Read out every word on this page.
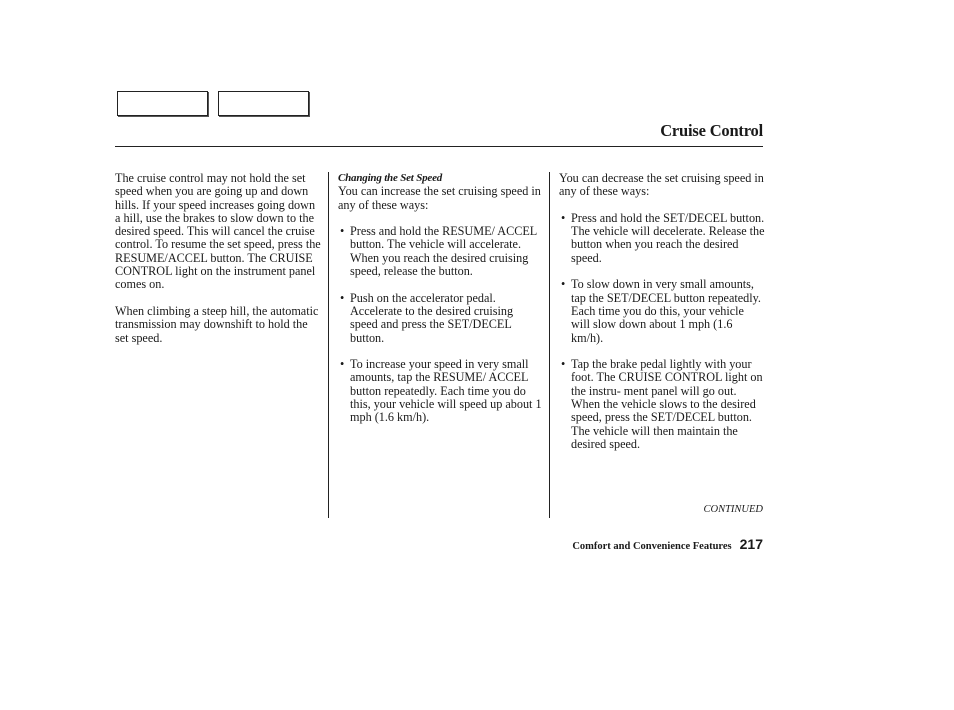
Cruise Control

The cruise control may not hold the set speed when you are going up and down hills. If your speed increases going down a hill, use the brakes to slow down to the desired speed. This will cancel the cruise control. To resume the set speed, press the RESUME/ACCEL button. The CRUISE CONTROL light on the instrument panel comes on.

When climbing a steep hill, the automatic transmission may downshift to hold the set speed.

Changing the Set Speed

You can increase the set cruising speed in any of these ways:

• Press and hold the RESUME/ ACCEL button. The vehicle will accelerate. When you reach the desired cruising speed, release the button.
• Push on the accelerator pedal. Accelerate to the desired cruising speed and press the SET/DECEL button.
• To increase your speed in very small amounts, tap the RESUME/ ACCEL button repeatedly. Each time you do this, your vehicle will speed up about 1 mph (1.6 km/h).

You can decrease the set cruising speed in any of these ways:

• Press and hold the SET/DECEL button. The vehicle will decelerate. Release the button when you reach the desired speed.
• To slow down in very small amounts, tap the SET/DECEL button repeatedly. Each time you do this, your vehicle will slow down about 1 mph (1.6 km/h).
• Tap the brake pedal lightly with your foot. The CRUISE CONTROL light on the instru- ment panel will go out. When the vehicle slows to the desired speed, press the SET/DECEL button. The vehicle will then maintain the desired speed.
CONTINUED
Comfort and Convenience Features 217
